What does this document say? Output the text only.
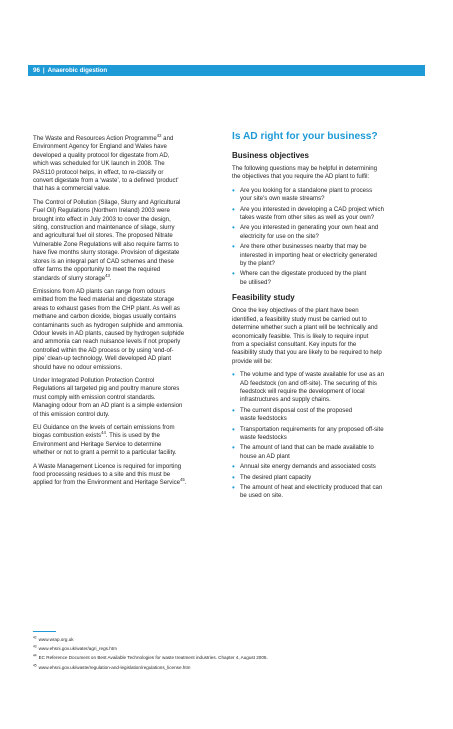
96 | Anaerobic digestion

The Waste and Resources Action Programme$^{42}$ and
Environment Agency for England and Wales have
developed a quality protocol for digestate from AD,
which was scheduled for UK launch in 2008. The
PAS110 protocol helps, in effect, to re-classify or
convert digestate from a ‘waste’, to a defined ‘product’
that has a commercial value.

The Control of Pollution (Silage, Slurry and Agricultural
Fuel Oil) Regulations (Northern Ireland) 2003 were
brought into effect in July 2003 to cover the design,
siting, construction and maintenance of silage, slurry
and agricultural fuel oil stores. The proposed Nitrate
Vulnerable Zone Regulations will also require farms to
have five months slurry storage. Provision of digestate
stores is an integral part of CAD schemes and these
offer farms the opportunity to meet the required
standards of slurry storage$^{43}$.

Emissions from AD plants can range from odours
emitted from the feed material and digestate storage
areas to exhaust gases from the CHP plant. As well as
methane and carbon dioxide, biogas usually contains
contaminants such as hydrogen sulphide and ammonia.
Odour levels in AD plants, caused by hydrogen sulphide
and ammonia can reach nuisance levels if not properly
controlled within the AD process or by using ‘end-of-
pipe’ clean-up technology. Well developed AD plant
should have no odour emissions.

Under Integrated Pollution Protection Control
Regulations all targeted pig and poultry manure stores
must comply with emission control standards.
Managing odour from an AD plant is a simple extension
of this emission control duty.

EU Guidance on the levels of certain emissions from
biogas combustion exists$^{44}$. This is used by the
Environment and Heritage Service to determine
whether or not to grant a permit to a particular facility.

A Waste Management Licence is required for importing
food processing residues to a site and this must be
applied for from the Environment and Heritage Service$^{45}$.

Is AD right for your business?
Business objectives

The following questions may be helpful in determining
the objectives that you require the AD plant to fulfil:

• Are you looking for a standalone plant to process
your site’s own waste streams?
• Are you interested in developing a CAD project which
takes waste from other sites as well as your own?
• Are you interested in generating your own heat and
electricity for use on the site?
• Are there other businesses nearby that may be
interested in importing heat or electricity generated
by the plant?
• Where can the digestate produced by the plant
be utilised?
Feasibility study

Once the key objectives of the plant have been
identified, a feasibility study must be carried out to
determine whether such a plant will be technically and
economically feasible. This is likely to require input
from a specialist consultant. Key inputs for the
feasibility study that you are likely to be required to help
provide will be:

• The volume and type of waste available for use as an
AD feedstock (on and off-site). The securing of this
feedstock will require the development of local
infrastructures and supply chains.
• The current disposal cost of the proposed
waste feedstocks
• Transportation requirements for any proposed off-site
waste feedstocks
• The amount of land that can be made available to
house an AD plant
• Annual site energy demands and associated costs
• The desired plant capacity
• The amount of heat and electricity produced that can
be used on site.
$^{42}$ www.wrap.org.uk
$^{43}$ www.ehsni.gov.uk/water/agri_regs.htm
$^{44}$ EC Reference Document on Best Available Technologies for waste treatment industries. Chapter 4, August 2005.
$^{45}$ www.ehsni.gov.uk/waste/regulation-and-legislation/regulations_license.htm
